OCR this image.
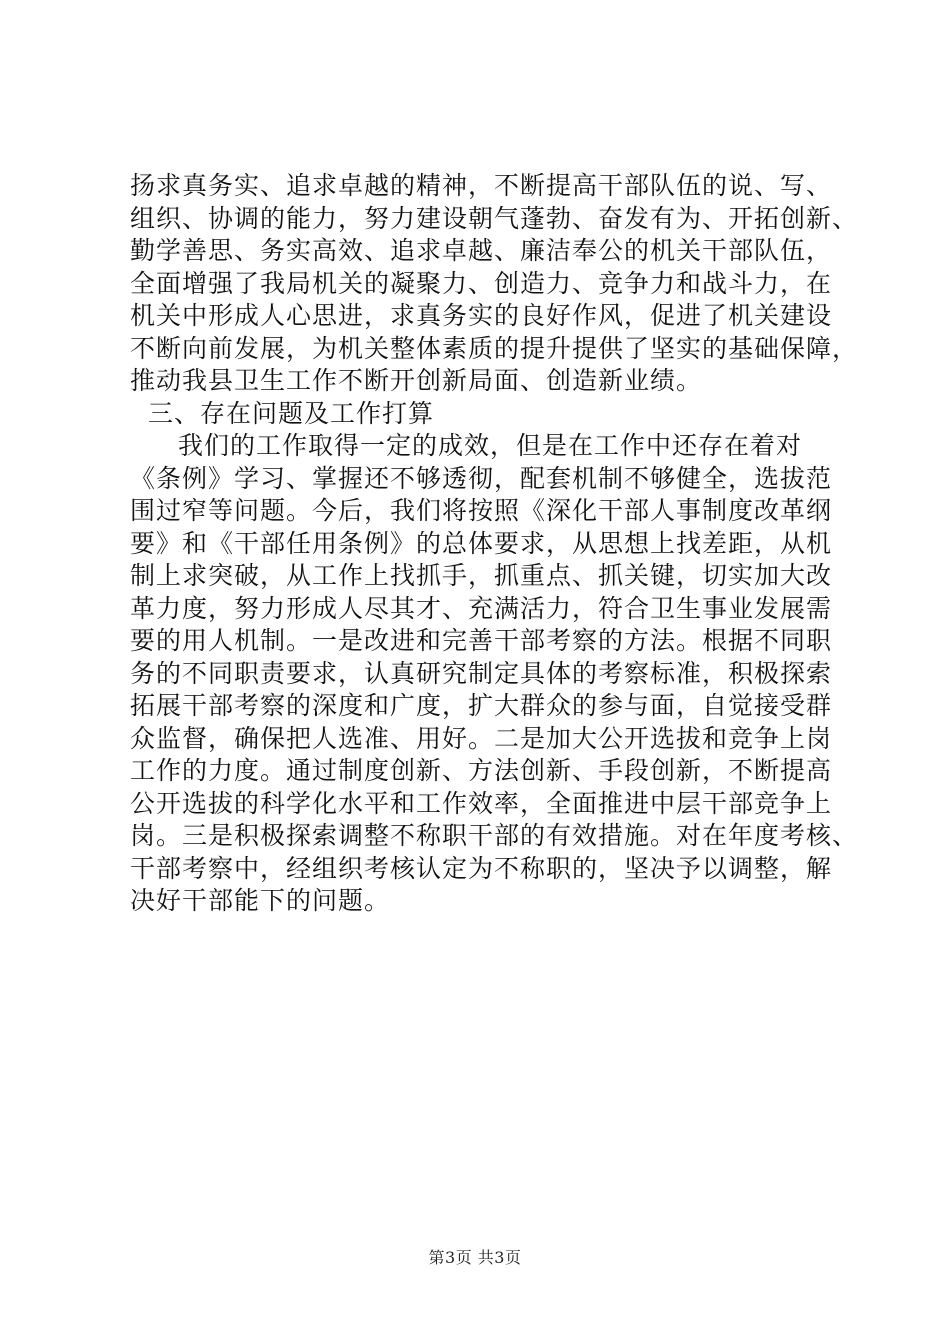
扬求真务实、追求卓越的精神，不断提高干部队伍的说、写、
组织、协调的能力，努力建设朝气蓬勃、奋发有为、开拓创新、
勤学善思、务实高效、追求卓越、廉洁奉公的机关干部队伍，
全面增强了我局机关的凝聚力、创造力、竞争力和战斗力，在
机关中形成人心思进，求真务实的良好作风，促进了机关建设
不断向前发展，为机关整体素质的提升提供了坚实的基础保障，
推动我县卫生工作不断开创新局面、创造新业绩。
三、存在问题及工作打算
我们的工作取得一定的成效，但是在工作中还存在着对
《条例》学习、掌握还不够透彻，配套机制不够健全，选拔范
围过窄等问题。今后，我们将按照《深化干部人事制度改革纲
要》和《干部任用条例》的总体要求，从思想上找差距，从机
制上求突破，从工作上找抓手，抓重点、抓关键，切实加大改
革力度，努力形成人尽其才、充满活力，符合卫生事业发展需
要的用人机制。一是改进和完善干部考察的方法。根据不同职
务的不同职责要求，认真研究制定具体的考察标准，积极探索
拓展干部考察的深度和广度，扩大群众的参与面，自觉接受群
众监督，确保把人选准、用好。二是加大公开选拔和竞争上岗
工作的力度。通过制度创新、方法创新、手段创新，不断提高
公开选拔的科学化水平和工作效率，全面推进中层干部竞争上
岗。三是积极探索调整不称职干部的有效措施。对在年度考核、
干部考察中，经组织考核认定为不称职的，坚决予以调整，解
决好干部能下的问题。
第3页 共3页
